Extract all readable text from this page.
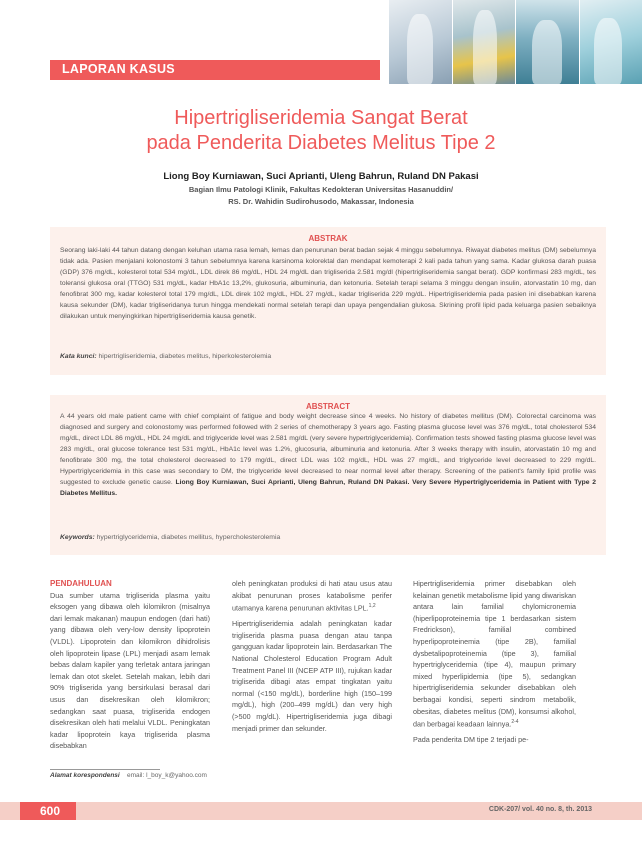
LAPORAN KASUS
Hipertrigliseridemia Sangat Berat
pada Penderita Diabetes Melitus Tipe 2
Liong Boy Kurniawan, Suci Aprianti, Uleng Bahrun, Ruland DN Pakasi
Bagian Ilmu Patologi Klinik, Fakultas Kedokteran Universitas Hasanuddin/
RS. Dr. Wahidin Sudirohusodo, Makassar, Indonesia
ABSTRAK
Seorang laki-laki 44 tahun datang dengan keluhan utama rasa lemah, lemas dan penurunan berat badan sejak 4 minggu sebelumnya. Riwayat diabetes melitus (DM) sebelumnya tidak ada. Pasien menjalani kolonostomi 3 tahun sebelumnya karena karsinoma kolorektal dan mendapat kemoterapi 2 kali pada tahun yang sama. Kadar glukosa darah puasa (GDP) 376 mg/dL, kolesterol total 534 mg/dL, LDL direk 86 mg/dL, HDL 24 mg/dL dan trigliserida 2.581 mg/dl (hipertrigliseridemia sangat berat). GDP konfirmasi 283 mg/dL, tes toleransi glukosa oral (TTGO) 531 mg/dL, kadar HbA1c 13,2%, glukosuria, albuminuria, dan ketonuria. Setelah terapi selama 3 minggu dengan insulin, atorvastatin 10 mg, dan fenofibrat 300 mg, kadar kolesterol total 179 mg/dL, LDL direk 102 mg/dL, HDL 27 mg/dL, kadar trigliserida 229 mg/dL. Hipertrigliseridemia pada pasien ini disebabkan karena kausa sekunder (DM), kadar trigliseridanya turun hingga mendekati normal setelah terapi dan upaya pengendalian glukosa. Skrining profil lipid pada keluarga pasien sebaiknya dilakukan untuk menyingkirkan hipertrigliseridemia kausa genetik.
Kata kunci: hipertrigliseridemia, diabetes melitus, hiperkolesterolemia
ABSTRACT
A 44 years old male patient came with chief complaint of fatigue and body weight decrease since 4 weeks. No history of diabetes mellitus (DM). Colorectal carcinoma was diagnosed and surgery and colonostomy was performed followed with 2 series of chemotherapy 3 years ago. Fasting plasma glucose level was 376 mg/dL, total cholesterol 534 mg/dL, direct LDL 86 mg/dL, HDL 24 mg/dL and triglyceride level was 2.581 mg/dL (very severe hypertriglyceridemia). Confirmation tests showed fasting plasma glucose level was 283 mg/dL, oral glucose tolerance test 531 mg/dL, HbA1c level was 1.2%, glucosuria, albuminuria and ketonuria. After 3 weeks therapy with insulin, atorvastatin 10 mg and fenofibrate 300 mg, the total cholesterol decreased to 179 mg/dL, direct LDL was 102 mg/dL, HDL was 27 mg/dL, and triglyceride level decreased to 229 mg/dL. Hypertriglyceridemia in this case was secondary to DM, the triglyceride level decreased to near normal level after therapy. Screening of the patient's family lipid profile was suggested to exclude genetic cause. Liong Boy Kurniawan, Suci Aprianti, Uleng Bahrun, Ruland DN Pakasi. Very Severe Hypertriglyceridemia in Patient with Type 2 Diabetes Mellitus.
Keywords: hypertriglyceridemia, diabetes mellitus, hypercholesterolemia
PENDAHULUAN

Dua sumber utama trigliserida plasma yaitu eksogen yang dibawa oleh kilomikron (misalnya dari lemak makanan) maupun endogen (dari hati) yang dibawa oleh very-low density lipoprotein (VLDL). Lipoprotein dan kilomikron dihidrolisis oleh lipoprotein lipase (LPL) menjadi asam lemak bebas dalam kapiler yang terletak antara jaringan lemak dan otot skelet. Setelah makan, lebih dari 90% trigliserida yang bersirkulasi berasal dari usus dan disekresikan oleh kilomikron; sedangkan saat puasa, trigliserida endogen disekresikan oleh hati melalui VLDL. Peningkatan kadar lipoprotein kaya trigliserida plasma disebabkan

oleh peningkatan produksi di hati atau usus atau akibat penurunan proses katabolisme perifer utamanya karena penurunan aktivitas LPL.$^{1,2}$

Hipertrigliseridemia adalah peningkatan kadar trigliserida plasma puasa dengan atau tanpa gangguan kadar lipoprotein lain. Berdasarkan The National Cholesterol Education Program Adult Treatment Panel III (NCEP ATP III), rujukan kadar trigliserida dibagi atas empat tingkatan yaitu normal (<150 mg/dL), borderline high (150–199 mg/dL), high (200–499 mg/dL) dan very high (>500 mg/dL). Hipertrigliseridemia juga dibagi menjadi primer dan sekunder.

Hipertrigliseridemia primer disebabkan oleh kelainan genetik metabolisme lipid yang diwariskan antara lain familial chylomicronemia (hiperlipoproteinemia tipe 1 berdasarkan sistem Fredrickson), familial combined hyperlipoproteinemia (tipe 2B), familial dysbetalipoproteinemia (tipe 3), familial hypertriglyceridemia (tipe 4), maupun primary mixed hyperlipidemia (tipe 5), sedangkan hipertrigliseridemia sekunder disebabkan oleh berbagai kondisi, seperti sindrom metabolik, obesitas, diabetes melitus (DM), konsumsi alkohol, dan berbagai keadaan lainnya.$^{2-4}$

Pada penderita DM tipe 2 terjadi pe-

Alamat korespondensi email: l_boy_k@yahoo.com
600	CDK-207/ vol. 40 no. 8, th. 2013
